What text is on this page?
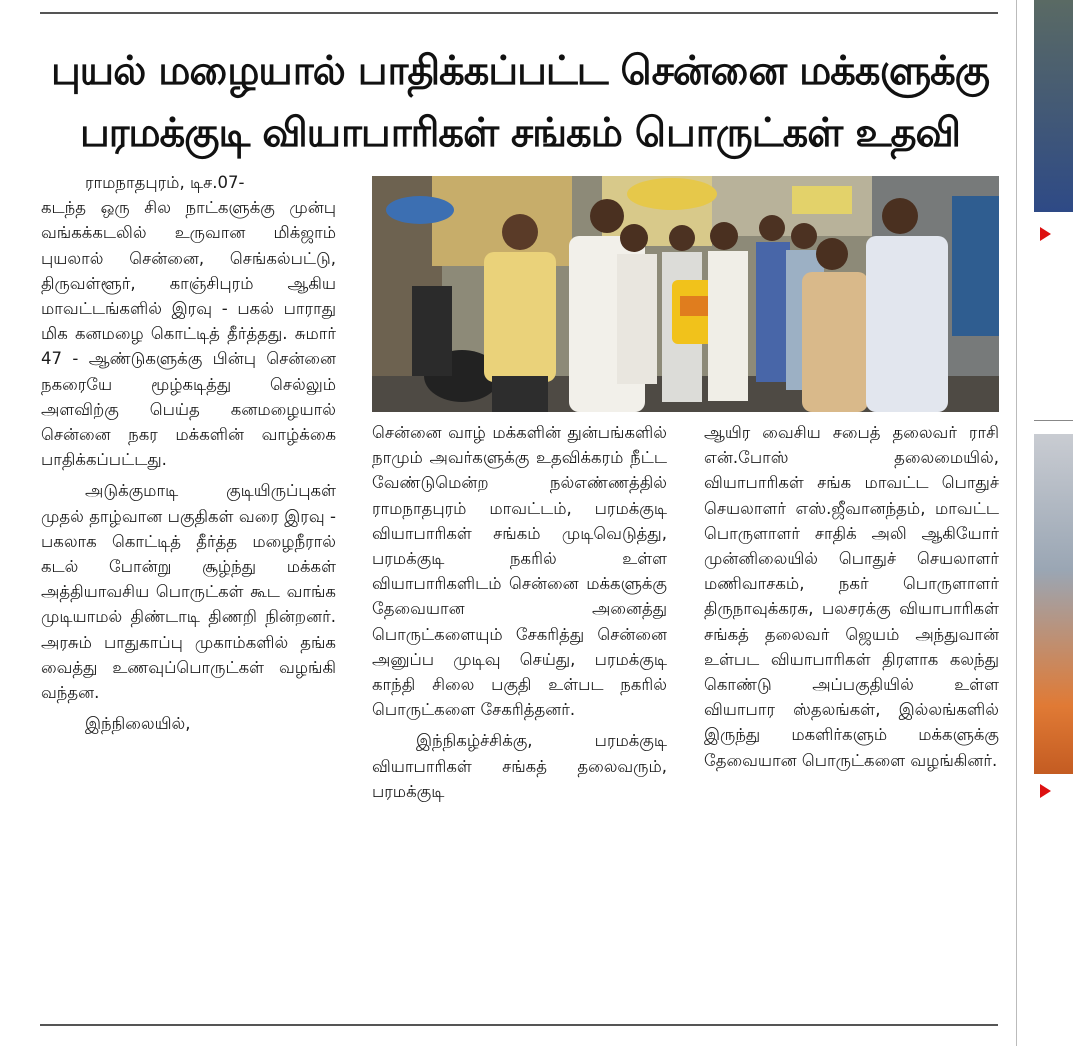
புயல் மழையால் பாதிக்கப்பட்ட சென்னை மக்களுக்கு
பரமக்குடி வியாபாரிகள் சங்கம் பொருட்கள் உதவி

ராமநாதபுரம், டிச.07-

கடந்த ஒரு சில நாட்களுக்கு முன்பு வங்கக்கடலில் உருவான மிக்ஜாம் புயலால் சென்னை, செங்கல்பட்டு, திருவள்ளூர், காஞ்சிபுரம் ஆகிய மாவட்டங்களில் இரவு - பகல் பாராது மிக கனமழை கொட்டித் தீர்த்தது. சுமார் 47 - ஆண்டுகளுக்கு பின்பு சென்னை நகரையே மூழ்கடித்து செல்லும் அளவிற்கு பெய்த கனமழையால் சென்னை நகர மக்களின் வாழ்க்கை பாதிக்கப்பட்டது.

அடுக்குமாடி குடியிருப்புகள் முதல் தாழ்வான பகுதிகள் வரை இரவு - பகலாக கொட்டித் தீர்த்த மழைநீரால் கடல் போன்று சூழ்ந்து மக்கள் அத்தியாவசிய பொருட்கள் கூட வாங்க முடியாமல் திண்டாடி திணறி நின்றனர். அரசும் பாதுகாப்பு முகாம்களில் தங்க வைத்து உணவுப்பொருட்கள் வழங்கி வந்தன.

இந்நிலையில்,

சென்னை வாழ் மக்களின் துன்பங்களில் நாமும் அவர்களுக்கு உதவிக்கரம் நீட்ட வேண்டுமென்ற நல்எண்ணத்தில் ராமநாதபுரம் மாவட்டம், பரமக்குடி வியாபாரிகள் சங்கம் முடிவெடுத்து, பரமக்குடி நகரில் உள்ள வியாபாரிகளிடம் சென்னை மக்களுக்கு தேவையான அனைத்து பொருட்களையும் சேகரித்து சென்னை அனுப்ப முடிவு செய்து, பரமக்குடி காந்தி சிலை பகுதி உள்பட நகரில் பொருட்களை சேகரித்தனர்.

இந்நிகழ்ச்சிக்கு, பரமக்குடி வியாபாரிகள் சங்கத் தலைவரும், பரமக்குடி

ஆயிர வைசிய சபைத் தலைவர் ராசி என்.போஸ் தலைமையில், வியாபாரிகள் சங்க மாவட்ட பொதுச் செயலாளர் எஸ்.ஜீவானந்தம், மாவட்ட பொருளாளர் சாதிக் அலி ஆகியோர் முன்னிலையில் பொதுச் செயலாளர் மணிவாசகம், நகர் பொருளாளர் திருநாவுக்கரசு, பலசரக்கு வியாபாரிகள் சங்கத் தலைவர் ஜெயம் அந்துவான் உள்பட வியாபாரிகள் திரளாக கலந்து கொண்டு அப்பகுதியில் உள்ள வியாபார ஸ்தலங்கள், இல்லங்களில் இருந்து மகளிர்களும் மக்களுக்கு தேவையான பொருட்களை வழங்கினர்.
